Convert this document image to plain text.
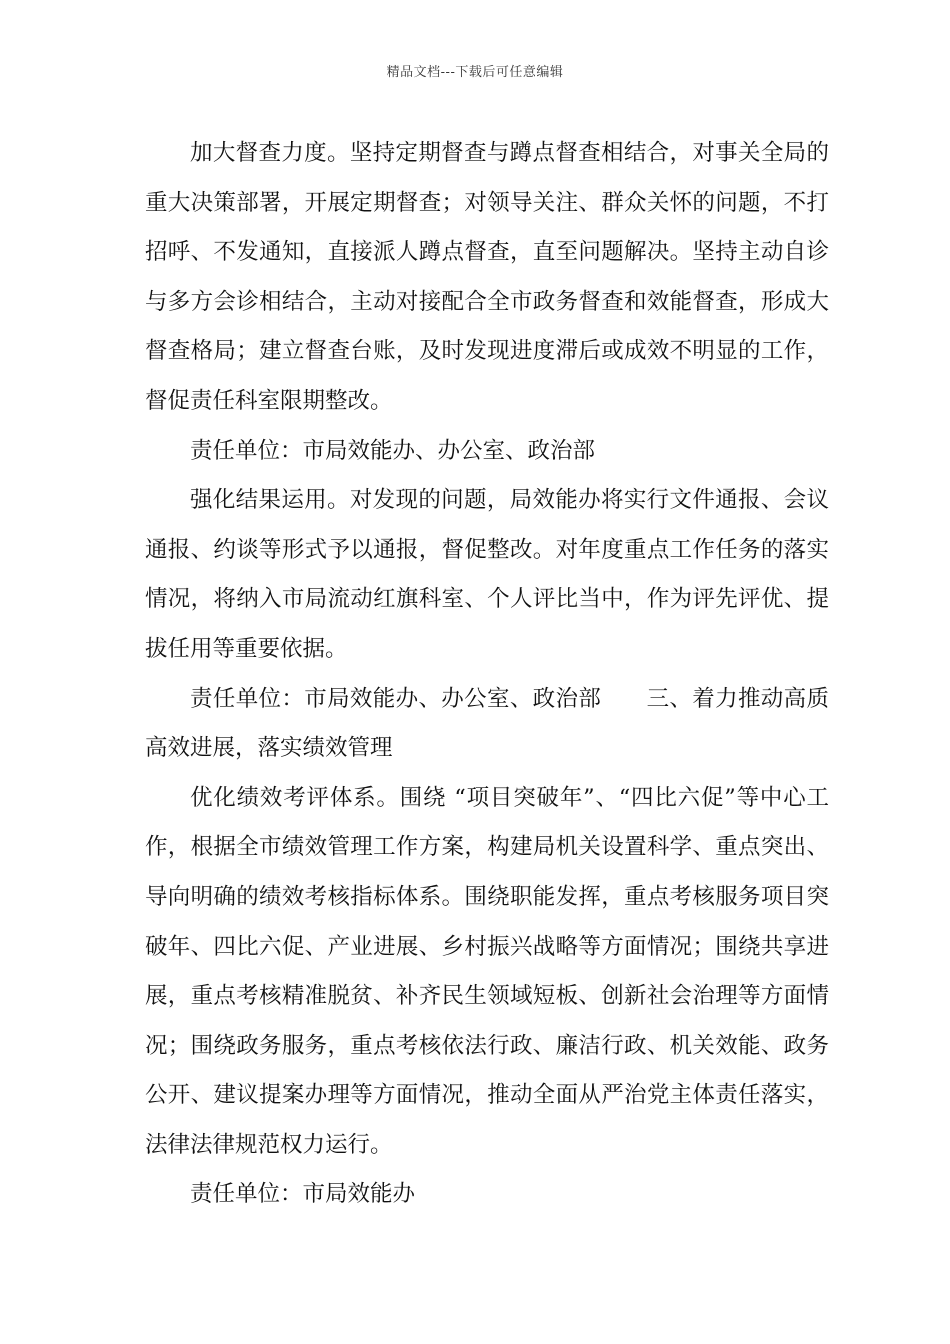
精品文档---下载后可任意编辑

加大督查力度。坚持定期督查与蹲点督查相结合，对事关全局的重大决策部署，开展定期督查；对领导关注、群众关怀的问题，不打招呼、不发通知，直接派人蹲点督查，直至问题解决。坚持主动自诊与多方会诊相结合，主动对接配合全市政务督查和效能督查，形成大督查格局；建立督查台账，及时发现进度滞后或成效不明显的工作，督促责任科室限期整改。

责任单位：市局效能办、办公室、政治部

强化结果运用。对发现的问题，局效能办将实行文件通报、会议通报、约谈等形式予以通报，督促整改。对年度重点工作任务的落实情况，将纳入市局流动红旗科室、个人评比当中，作为评先评优、提拔任用等重要依据。

责任单位：市局效能办、办公室、政治部 三、着力推动高质高效进展，落实绩效管理

优化绩效考评体系。围绕 “项目突破年”、“四比六促”等中心工作，根据全市绩效管理工作方案，构建局机关设置科学、重点突出、导向明确的绩效考核指标体系。围绕职能发挥，重点考核服务项目突破年、四比六促、产业进展、乡村振兴战略等方面情况；围绕共享进展，重点考核精准脱贫、补齐民生领域短板、创新社会治理等方面情况；围绕政务服务，重点考核依法行政、廉洁行政、机关效能、政务公开、建议提案办理等方面情况，推动全面从严治党主体责任落实，法律法律规范权力运行。

责任单位：市局效能办
